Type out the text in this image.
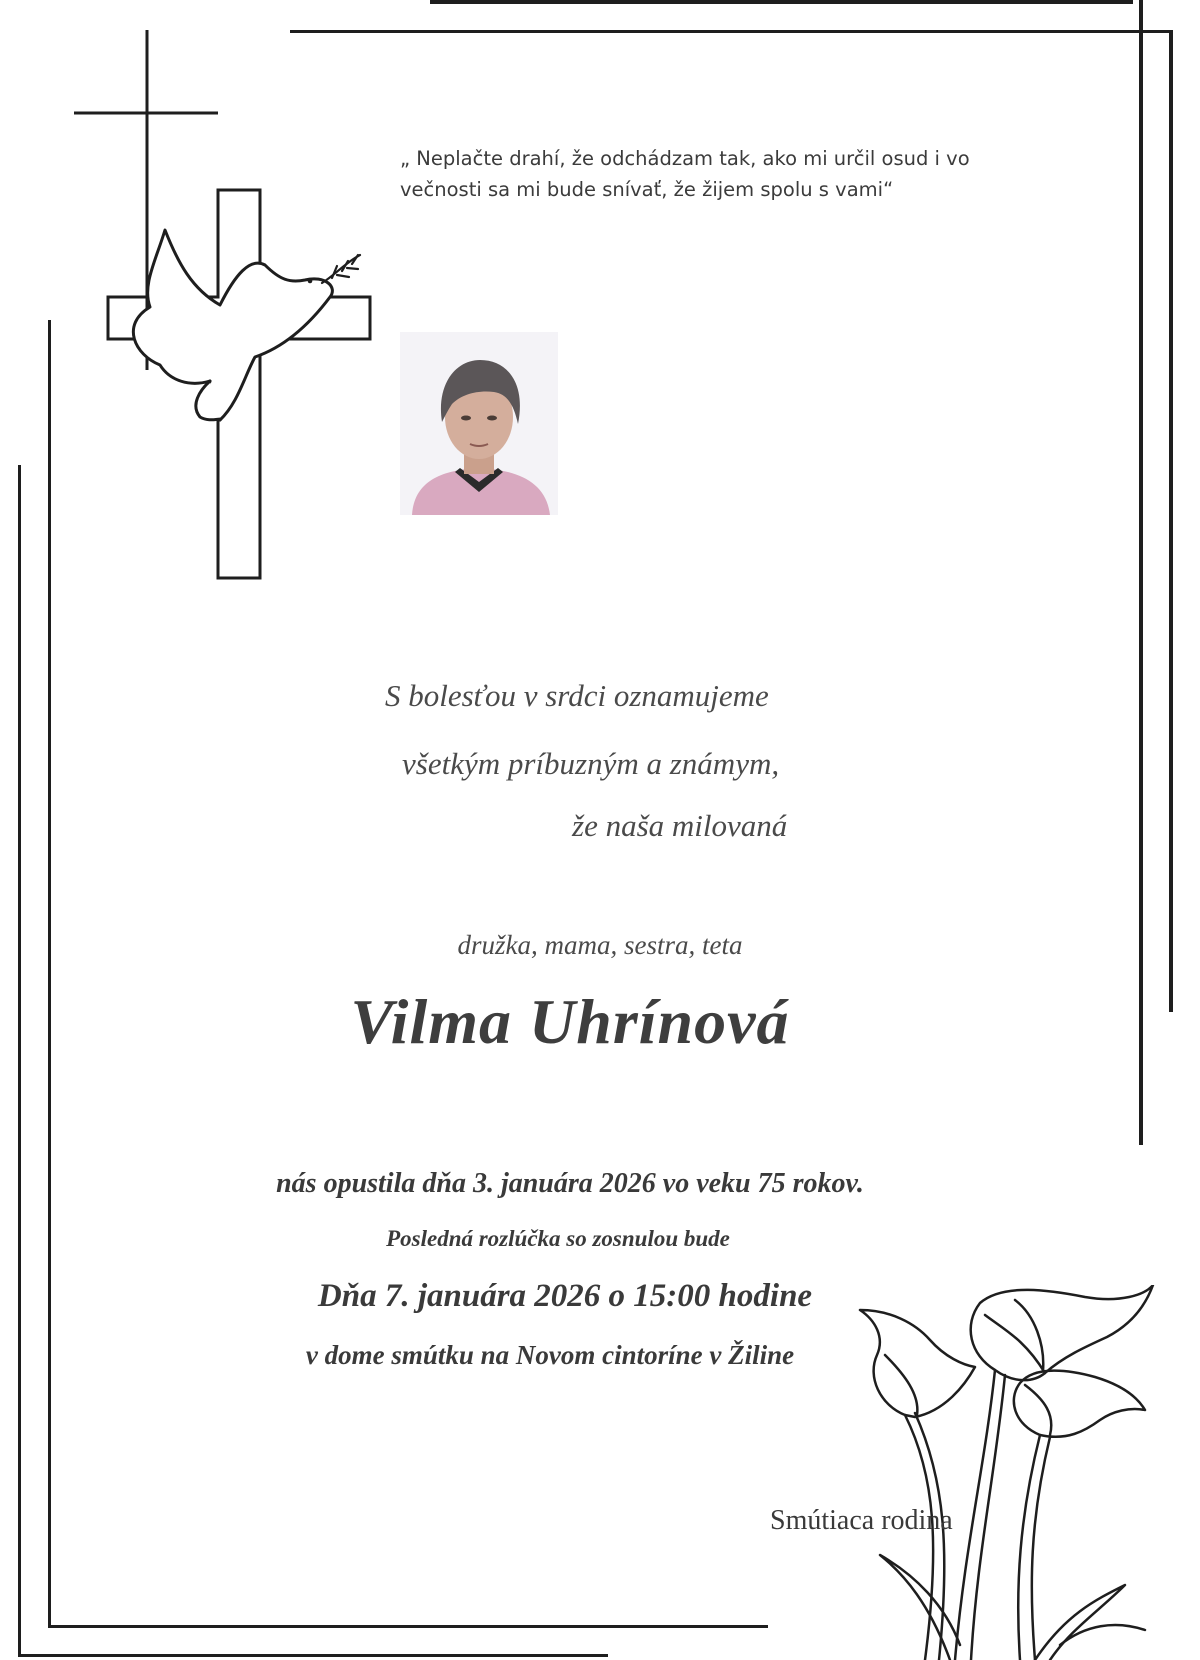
„ Neplačte drahí, že odchádzam tak, ako mi určil osud i vo
večnosti sa mi bude snívať, že žijem spolu s vami“
S bolesťou v srdci oznamujeme
všetkým príbuzným a známym,
že naša milovaná
družka, mama, sestra, teta
Vilma Uhrínová
nás opustila dňa 3. januára 2026 vo veku 75 rokov.
Posledná rozlúčka so zosnulou bude
Dňa 7. januára 2026 o 15:00 hodine
v dome smútku na Novom cintoríne v Žiline
Smútiaca rodina
